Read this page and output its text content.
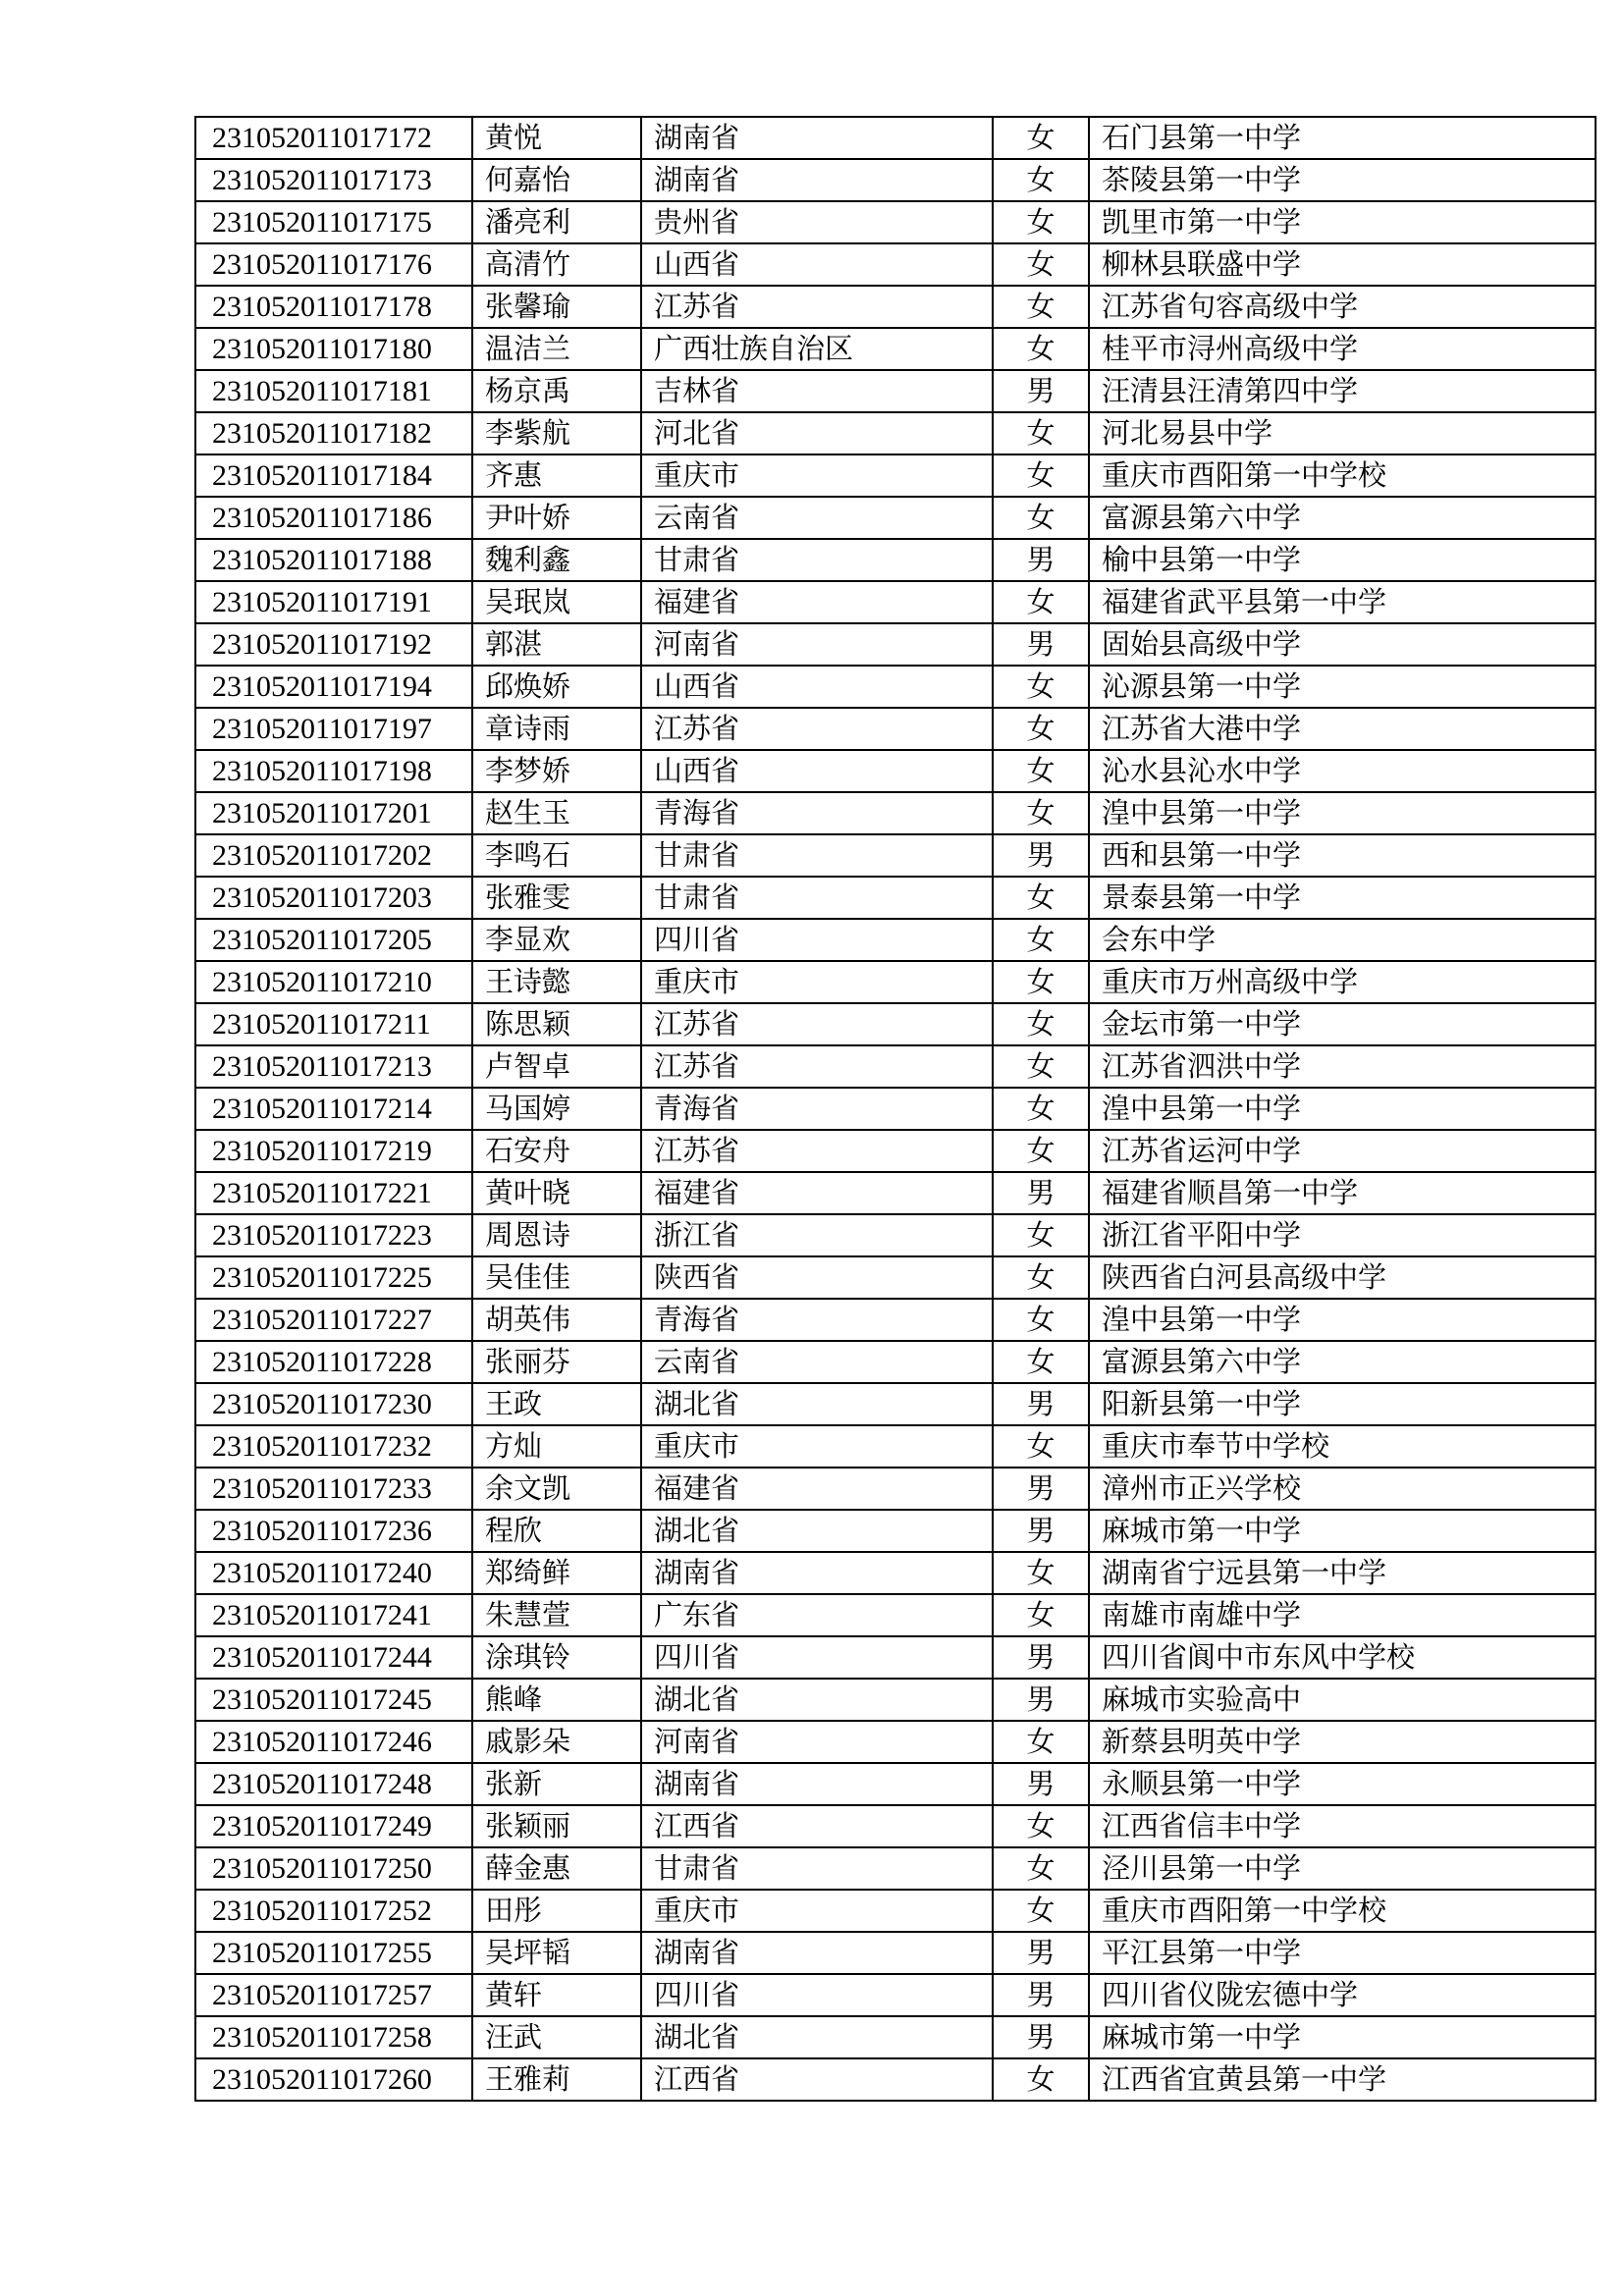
231052011017172	黄悦	湖南省	女	石门县第一中学
231052011017173	何嘉怡	湖南省	女	茶陵县第一中学
231052011017175	潘亮利	贵州省	女	凯里市第一中学
231052011017176	高清竹	山西省	女	柳林县联盛中学
231052011017178	张馨瑜	江苏省	女	江苏省句容高级中学
231052011017180	温洁兰	广西壮族自治区	女	桂平市浔州高级中学
231052011017181	杨京禹	吉林省	男	汪清县汪清第四中学
231052011017182	李紫航	河北省	女	河北易县中学
231052011017184	齐惠	重庆市	女	重庆市酉阳第一中学校
231052011017186	尹叶娇	云南省	女	富源县第六中学
231052011017188	魏利鑫	甘肃省	男	榆中县第一中学
231052011017191	吴珉岚	福建省	女	福建省武平县第一中学
231052011017192	郭湛	河南省	男	固始县高级中学
231052011017194	邱焕娇	山西省	女	沁源县第一中学
231052011017197	章诗雨	江苏省	女	江苏省大港中学
231052011017198	李梦娇	山西省	女	沁水县沁水中学
231052011017201	赵生玉	青海省	女	湟中县第一中学
231052011017202	李鸣石	甘肃省	男	西和县第一中学
231052011017203	张雅雯	甘肃省	女	景泰县第一中学
231052011017205	李显欢	四川省	女	会东中学
231052011017210	王诗懿	重庆市	女	重庆市万州高级中学
231052011017211	陈思颖	江苏省	女	金坛市第一中学
231052011017213	卢智卓	江苏省	女	江苏省泗洪中学
231052011017214	马国婷	青海省	女	湟中县第一中学
231052011017219	石安舟	江苏省	女	江苏省运河中学
231052011017221	黄叶晓	福建省	男	福建省顺昌第一中学
231052011017223	周恩诗	浙江省	女	浙江省平阳中学
231052011017225	吴佳佳	陕西省	女	陕西省白河县高级中学
231052011017227	胡英伟	青海省	女	湟中县第一中学
231052011017228	张丽芬	云南省	女	富源县第六中学
231052011017230	王政	湖北省	男	阳新县第一中学
231052011017232	方灿	重庆市	女	重庆市奉节中学校
231052011017233	余文凯	福建省	男	漳州市正兴学校
231052011017236	程欣	湖北省	男	麻城市第一中学
231052011017240	郑绮鲜	湖南省	女	湖南省宁远县第一中学
231052011017241	朱慧萱	广东省	女	南雄市南雄中学
231052011017244	涂琪铃	四川省	男	四川省阆中市东风中学校
231052011017245	熊峰	湖北省	男	麻城市实验高中
231052011017246	戚影朵	河南省	女	新蔡县明英中学
231052011017248	张新	湖南省	男	永顺县第一中学
231052011017249	张颖丽	江西省	女	江西省信丰中学
231052011017250	薛金惠	甘肃省	女	泾川县第一中学
231052011017252	田彤	重庆市	女	重庆市酉阳第一中学校
231052011017255	吴坪韬	湖南省	男	平江县第一中学
231052011017257	黄轩	四川省	男	四川省仪陇宏德中学
231052011017258	汪武	湖北省	男	麻城市第一中学
231052011017260	王雅莉	江西省	女	江西省宜黄县第一中学
